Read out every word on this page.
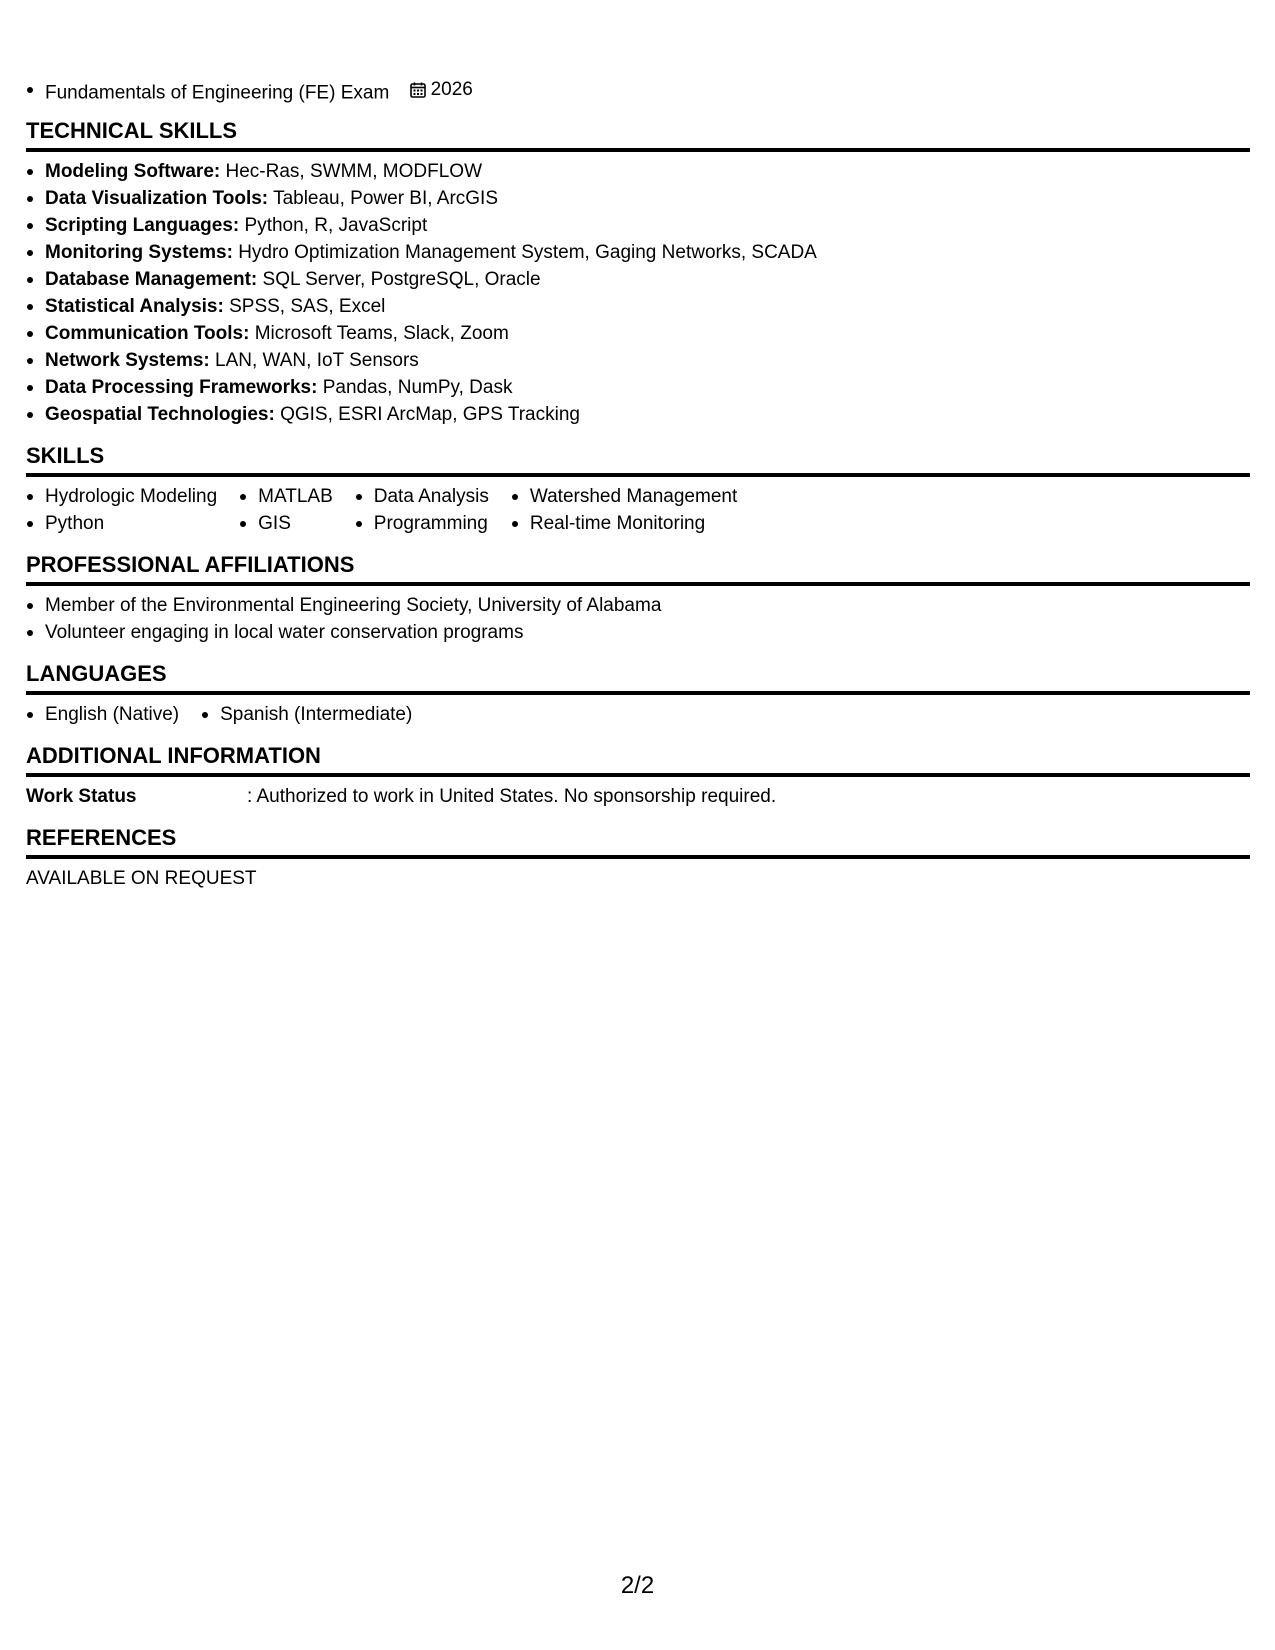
Fundamentals of Engineering (FE) Exam 2026
TECHNICAL SKILLS
Modeling Software: Hec-Ras, SWMM, MODFLOW
Data Visualization Tools: Tableau, Power BI, ArcGIS
Scripting Languages: Python, R, JavaScript
Monitoring Systems: Hydro Optimization Management System, Gaging Networks, SCADA
Database Management: SQL Server, PostgreSQL, Oracle
Statistical Analysis: SPSS, SAS, Excel
Communication Tools: Microsoft Teams, Slack, Zoom
Network Systems: LAN, WAN, IoT Sensors
Data Processing Frameworks: Pandas, NumPy, Dask
Geospatial Technologies: QGIS, ESRI ArcMap, GPS Tracking
SKILLS
Hydrologic Modeling
Python
MATLAB
GIS
Data Analysis
Programming
Watershed Management
Real-time Monitoring
PROFESSIONAL AFFILIATIONS
Member of the Environmental Engineering Society, University of Alabama
Volunteer engaging in local water conservation programs
LANGUAGES
English (Native)	Spanish (Intermediate)
ADDITIONAL INFORMATION
Work Status	: Authorized to work in United States. No sponsorship required.
REFERENCES
AVAILABLE ON REQUEST
2/2
